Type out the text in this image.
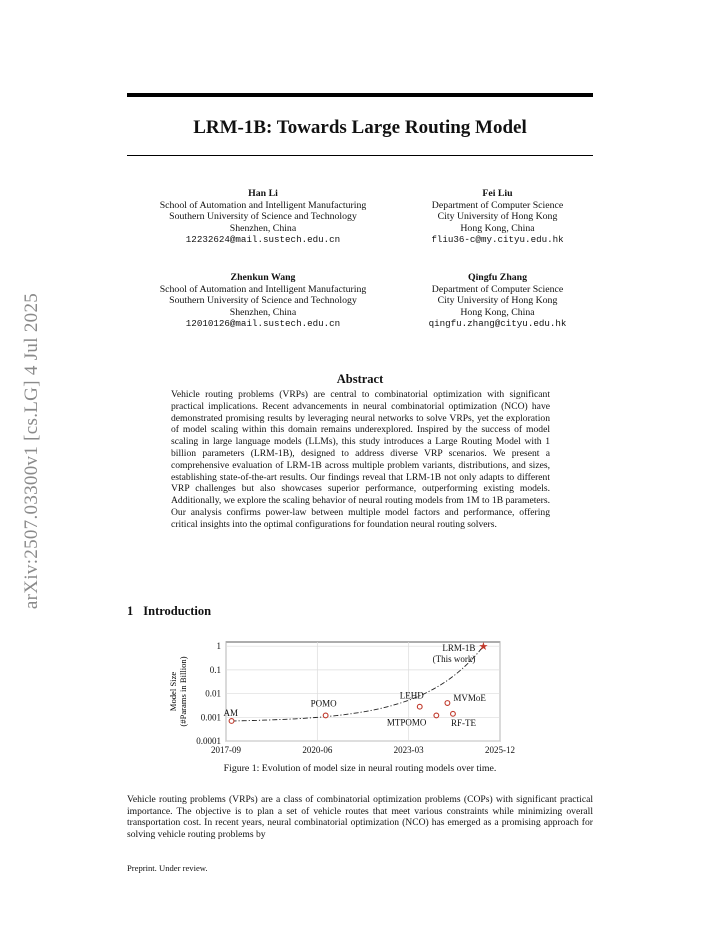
arXiv:2507.03300v1 [cs.LG] 4 Jul 2025
LRM-1B: Towards Large Routing Model
Han Li
School of Automation and Intelligent Manufacturing
Southern University of Science and Technology
Shenzhen, China
12232624@mail.sustech.edu.cn
Fei Liu
Department of Computer Science
City University of Hong Kong
Hong Kong, China
fliu36-c@my.cityu.edu.hk
Zhenkun Wang
School of Automation and Intelligent Manufacturing
Southern University of Science and Technology
Shenzhen, China
12010126@mail.sustech.edu.cn
Qingfu Zhang
Department of Computer Science
City University of Hong Kong
Hong Kong, China
qingfu.zhang@cityu.edu.hk
Abstract
Vehicle routing problems (VRPs) are central to combinatorial optimization with significant practical implications. Recent advancements in neural combinatorial optimization (NCO) have demonstrated promising results by leveraging neural networks to solve VRPs, yet the exploration of model scaling within this domain remains underexplored. Inspired by the success of model scaling in large language models (LLMs), this study introduces a Large Routing Model with 1 billion parameters (LRM-1B), designed to address diverse VRP scenarios. We present a comprehensive evaluation of LRM-1B across multiple problem variants, distributions, and sizes, establishing state-of-the-art results. Our findings reveal that LRM-1B not only adapts to different VRP challenges but also showcases superior performance, outperforming existing models. Additionally, we explore the scaling behavior of neural routing models from 1M to 1B parameters. Our analysis confirms power-law between multiple model factors and performance, offering critical insights into the optimal configurations for foundation neural routing solvers.
1 Introduction
1
0.1
0.01
0.001
0.0001
2017-09	2020-06	2023-03	2025-12
Model Size (#Params in Billion)	AM
POMO
LEHD	MVMoE
MTPOMO	RF-TE
★
LRM-1B
(This work)
Figure 1: Evolution of model size in neural routing models over time.
Vehicle routing problems (VRPs) are a class of combinatorial optimization problems (COPs) with significant practical importance. The objective is to plan a set of vehicle routes that meet various constraints while minimizing overall transportation cost. In recent years, neural combinatorial optimization (NCO) has emerged as a promising approach for solving vehicle routing problems by
Preprint. Under review.
